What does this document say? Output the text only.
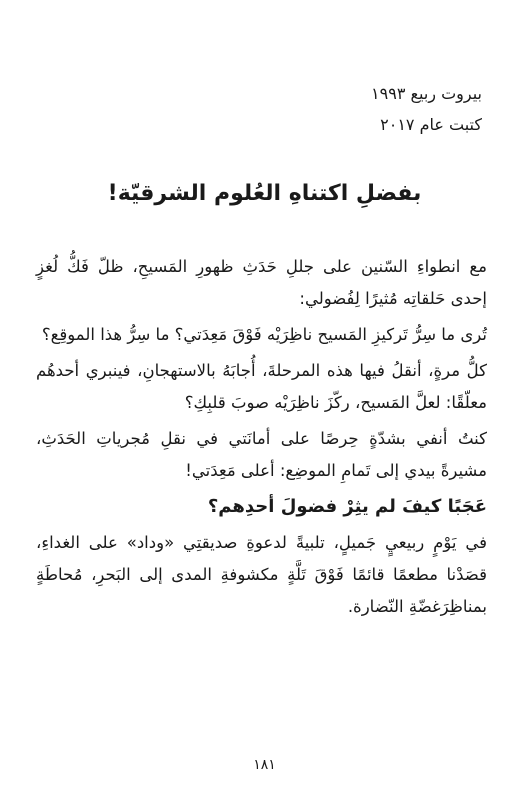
بيروت ربيع ١٩٩٣
كتبت عام ٢٠١٧
بفضلِ اكتناهِ العُلوم الشرقيّة!

مع انطواءِ السّنين على جللِ حَدَثِ ظهورِ المَسيحِ، ظلّ فَكُّ لُغزٍ إحدى حَلقاتِه مُثيرًا لِفُضولي:

تُرى ما سِرُّ تَركيزِ المَسيح ناظِرَيْه فَوْقَ مَعِدَتي؟ ما سِرُّ هذا الموقِع؟

كلُّ مرةٍ، أنقلُ فيها هذه المرحلةَ، أُجابَهُ بالاستهجانِ، فينبري أحدهُم معلّقًا: لعلَّ المَسيح، ركّزَ ناظِرَيْه صوبَ قلبِكِ؟

كنتُ أنفي بشدّةٍ حِرصًا على أمانَتي في نقلِ مُجرياتِ الحَدَثِ، مشيرةً بيدي إلى تَمامِ الموضِع: أعلى مَعِدَتي!

عَجَبًا كيفَ لم يثِرْ فضولَ أحدِهم؟

في يَوْمٍ ربيعيٍ جَميلٍ، تلبيةً لدعوةِ صديقتِي «وداد» على الغداءِ، قصَدْنا مطعمًا قائمًا فَوْقَ تَلَّةٍ مكشوفةِ المدى إلى البَحرِ، مُحاطَةٍ بمناظِرَغضّةِ النّضارة.

١٨١
